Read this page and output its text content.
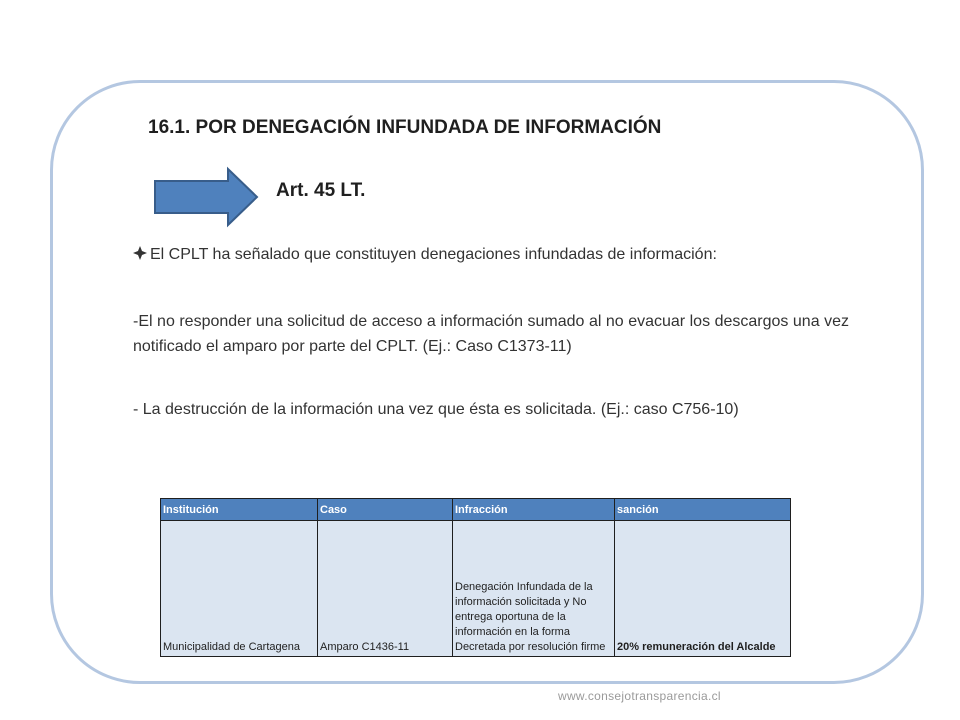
16.1. POR DENEGACIÓN INFUNDADA DE INFORMACIÓN
Art. 45 LT.
El CPLT ha señalado que constituyen denegaciones infundadas de información:
-El no responder una solicitud de acceso a información sumado al no evacuar los descargos una vez notificado el amparo por parte del CPLT. (Ej.: Caso C1373-11)
- La destrucción de la información una vez que ésta es solicitada. (Ej.: caso C756-10)
Institución	Caso	Infracción	sanción
Municipalidad de Cartagena	Amparo C1436-11	Denegación Infundada de la información solicitada y No entrega oportuna de la información en la forma Decretada por resolución firme	20% remuneración del Alcalde
www.consejotransparencia.cl
